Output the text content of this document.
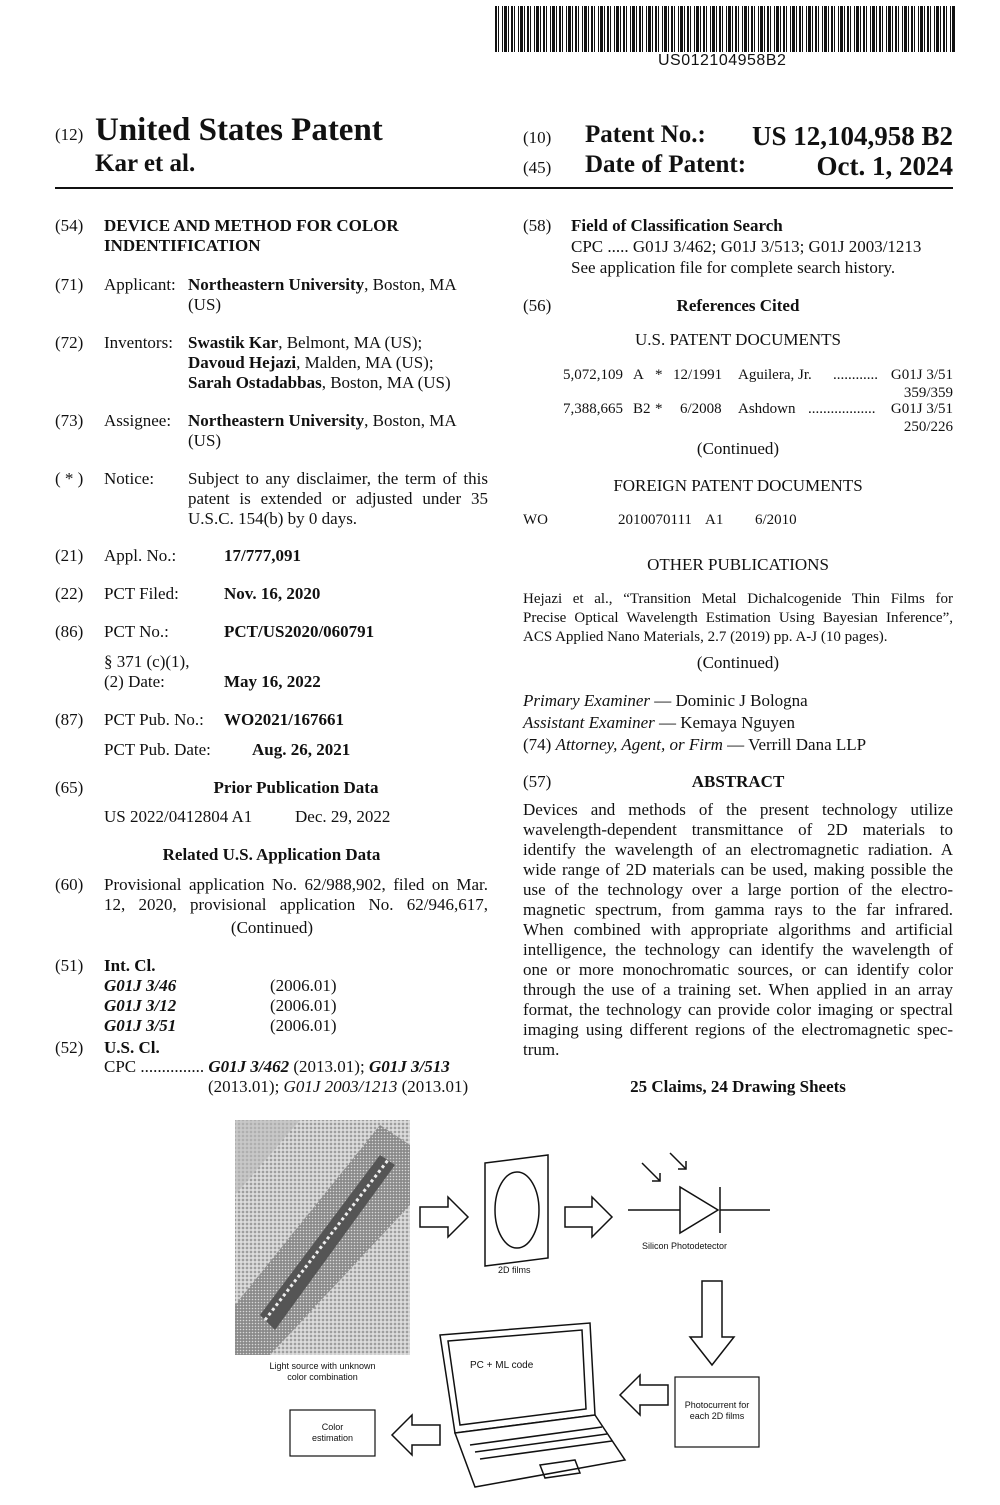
US012104958B2
(12) United States Patent
Kar et al.
(10) Patent No.: US 12,104,958 B2
(45) Date of Patent:	Oct. 1, 2024
(54) DEVICE AND METHOD FOR COLOR
INDENTIFICATION
(71) Applicant: Northeastern University, Boston, MA
(US)
(72) Inventors: Swastik Kar, Belmont, MA (US);
Davoud Hejazi, Malden, MA (US);
Sarah Ostadabbas, Boston, MA (US)
(73) Assignee: Northeastern University, Boston, MA
(US)
( * ) Notice: Subject to any disclaimer, the term of this
patent is extended or adjusted under 35
U.S.C. 154(b) by 0 days.
(21) Appl. No.:	17/777,091
(22) PCT Filed:	Nov. 16, 2020
(86) PCT No.:	PCT/US2020/060791
§ 371 (c)(1),
(2) Date:	May 16, 2022
(87) PCT Pub. No.: WO2021/167661
PCT Pub. Date: Aug. 26, 2021
(65)	Prior Publication Data
US 2022/0412804 A1	Dec. 29, 2022
Related U.S. Application Data
(60) Provisional application No. 62/988,902, filed on Mar.
12, 2020, provisional application No. 62/946,617,
(Continued)
(51) Int. Cl.
G01J 3/46	(2006.01)
G01J 3/12	(2006.01)
G01J 3/51	(2006.01)
(52) U.S. Cl.
CPC ............... G01J 3/462 (2013.01); G01J 3/513
(2013.01); G01J 2003/1213 (2013.01)
(58) Field of Classification Search
CPC ..... G01J 3/462; G01J 3/513; G01J 2003/1213
See application file for complete search history.
(56)	References Cited
U.S. PATENT DOCUMENTS
5,072,109 A * 12/1991 Aguilera, Jr. ............ G01J 3/51
359/359
7,388,665 B2 * 6/2008 Ashdown .................. G01J 3/51
250/226
(Continued)
FOREIGN PATENT DOCUMENTS
WO	2010070111 A1 6/2010
OTHER PUBLICATIONS
Hejazi et al., “Transition Metal Dichalcogenide Thin Films for
Precise Optical Wavelength Estimation Using Bayesian Inference”,
ACS Applied Nano Materials, 2.7 (2019) pp. A-J (10 pages).
(Continued)
Primary Examiner — Dominic J Bologna
Assistant Examiner — Kemaya Nguyen
(74) Attorney, Agent, or Firm — Verrill Dana LLP
(57)	ABSTRACT
Devices and methods of the present technology utilize
wavelength-dependent transmittance of 2D materials to
identify the wavelength of an electromagnetic radiation. A
wide range of 2D materials can be used, making possible the
use of the technology over a large portion of the electro-
magnetic spectrum, from gamma rays to the far infrared.
When combined with appropriate algorithms and artificial
intelligence, the technology can identify the wavelength of
one or more monochromatic sources, or can identify color
through the use of a training set. When applied in an array
format, the technology can provide color imaging or spectral
imaging using different regions of the electromagnetic spec-
trum.
25 Claims, 24 Drawing Sheets
Light source with unknown
color combination
2D films
Silicon Photodetector
PC + ML code
Photocurrent for
each 2D films
Color
estimation
